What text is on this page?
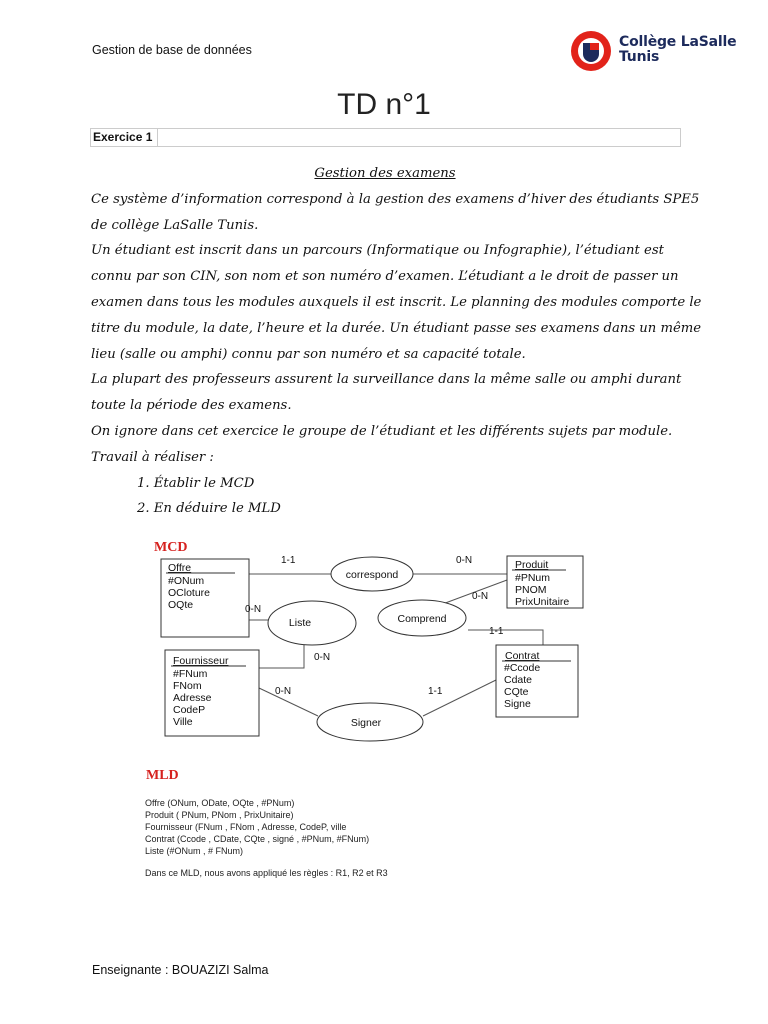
Gestion de base de données	Collège LaSalle
Tunis
TD n°1
Exercice 1

Gestion des examens

Ce système d’information correspond à la gestion des examens d’hiver des étudiants SPE5

de collège LaSalle Tunis.

Un étudiant est inscrit dans un parcours (Informatique ou Infographie), l’étudiant est

connu par son CIN, son nom et son numéro d’examen. L’étudiant a le droit de passer un

examen dans tous les modules auxquels il est inscrit. Le planning des modules comporte le

titre du module, la date, l’heure et la durée. Un étudiant passe ses examens dans un même

lieu (salle ou amphi) connu par son numéro et sa capacité totale.

La plupart des professeurs assurent la surveillance dans la même salle ou amphi durant

toute la période des examens.

On ignore dans cet exercice le groupe de l’étudiant et les différents sujets par module.

Travail à réaliser :

1. Établir le MCD

2. En déduire le MLD

MCD
MLD
Offre	Produit
Fournisseur	Contrat
#ONum
OCloture
OQte
#PNum
PNOM
PrixUnitaire
#FNum
FNom
Adresse
CodeP
Ville
#Ccode
Cdate
CQte
Signe
correspond
Comprend
Liste
Signer
1-1	0-N
0-N
0-N
1-1
0-N
0-N	1-1
Offre (ONum, ODate, OQte , #PNum)
Produit ( PNum, PNom , PrixUnitaire)
Fournisseur (FNum , FNom , Adresse, CodeP, ville
Contrat (Ccode , CDate, CQte , signé , #PNum, #FNum)
Liste (#ONum , # FNum)
Dans ce MLD, nous avons appliqué les règles : R1, R2 et R3
Enseignante : BOUAZIZI Salma
